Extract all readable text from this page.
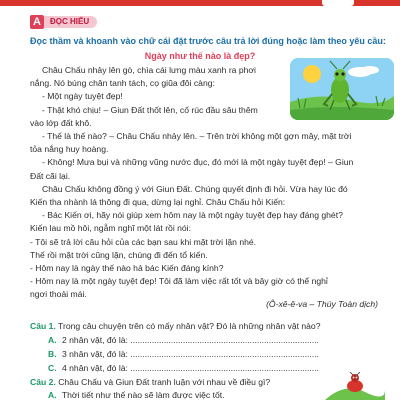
A	ĐỌC HIỂU
Đọc thầm và khoanh vào chữ cái đặt trước câu trả lời đúng hoặc làm theo yêu cầu:
Ngày như thế nào là đẹp?

Châu Chấu nhảy lên gò, chìa cái lưng màu xanh ra phơi

nắng. Nó búng chân tanh tách, cọ giũa đôi càng:

- Một ngày tuyệt đẹp!

- Thật khó chịu! – Giun Đất thốt lên, cố rúc đầu sâu thêm

vào lớp đất khô.

- Thế là thế nào? – Châu Chấu nhảy lên. – Trên trời không một gợn mây, mặt trời

tỏa nắng huy hoàng.

- Không! Mưa bụi và những vũng nước đục, đó mới là một ngày tuyệt đẹp! – Giun

Đất cãi lại.

Châu Chấu không đồng ý với Giun Đất. Chúng quyết định đi hỏi. Vừa hay lúc đó

Kiến tha nhành lá thông đi qua, dừng lại nghỉ. Châu Chấu hỏi Kiến:

- Bác Kiến ơi, hãy nói giúp xem hôm nay là một ngày tuyệt đẹp hay đáng ghét?

Kiến lau mồ hôi, ngẫm nghĩ một lát rồi nói:

- Tôi sẽ trả lời câu hỏi của các bạn sau khi mặt trời lặn nhé.

Thế rồi mặt trời cũng lặn, chúng đi đến tổ kiến.

- Hôm nay là ngày thế nào hả bác Kiến đáng kính?

- Hôm nay là một ngày tuyệt đẹp! Tôi đã làm việc rất tốt và bây giờ có thể nghỉ

ngơi thoải mái.

(Ô-xê-ê-va – Thúy Toàn dịch)
Câu 1. Trong câu chuyện trên có mấy nhân vật? Đó là những nhân vật nào?
A. 2 nhân vật, đó là: ...............................................................................
B. 3 nhân vật, đó là: ...............................................................................
C. 4 nhân vật, đó là: ...............................................................................
Câu 2. Châu Chấu và Giun Đất tranh luận với nhau về điều gì?
A. Thời tiết như thế nào sẽ làm được việc tốt.
